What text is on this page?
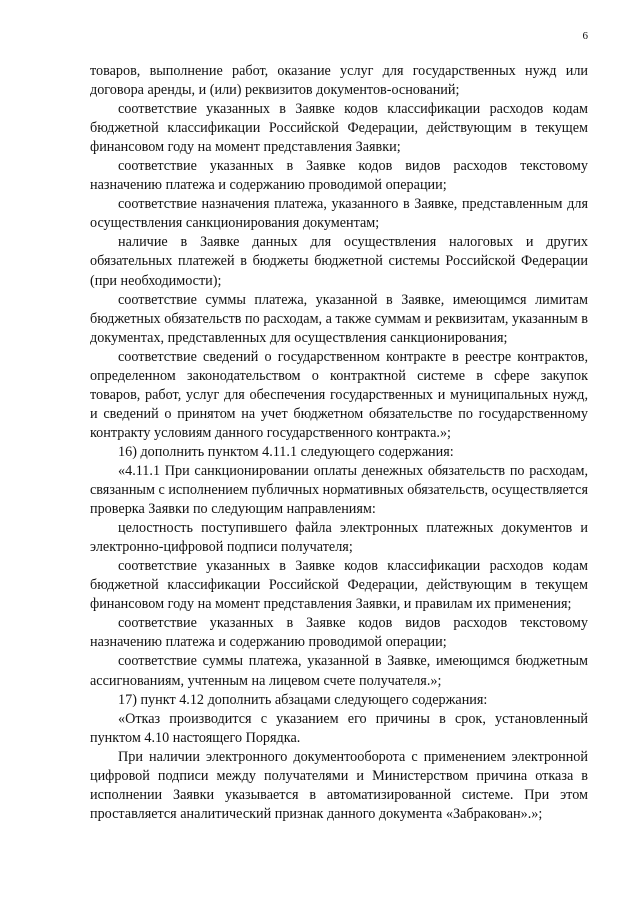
6

товаров, выполнение работ, оказание услуг для государственных нужд или договора аренды, и (или) реквизитов документов-оснований;

соответствие указанных в Заявке кодов классификации расходов кодам бюджетной классификации Российской Федерации, действующим в текущем финансовом году на момент представления Заявки;

соответствие указанных в Заявке кодов видов расходов текстовому назначению платежа и содержанию проводимой операции;

соответствие назначения платежа, указанного в Заявке, представленным для осуществления санкционирования документам;

наличие в Заявке данных для осуществления налоговых и других обязательных платежей в бюджеты бюджетной системы Российской Федерации (при необходимости);

соответствие суммы платежа, указанной в Заявке, имеющимся лимитам бюджетных обязательств по расходам, а также суммам и реквизитам, указанным в документах, представленных для осуществления санкционирования;

соответствие сведений о государственном контракте в реестре контрактов, определенном законодательством о контрактной системе в сфере закупок товаров, работ, услуг для обеспечения государственных и муниципальных нужд, и сведений о принятом на учет бюджетном обязательстве по государственному контракту условиям данного государственного контракта.»;

16) дополнить пунктом 4.11.1 следующего содержания:

«4.11.1 При санкционировании оплаты денежных обязательств по расходам, связанным с исполнением публичных нормативных обязательств, осуществляется проверка Заявки по следующим направлениям:

целостность поступившего файла электронных платежных документов и электронно-цифровой подписи получателя;

соответствие указанных в Заявке кодов классификации расходов кодам бюджетной классификации Российской Федерации, действующим в текущем финансовом году на момент представления Заявки, и правилам их применения;

соответствие указанных в Заявке кодов видов расходов текстовому назначению платежа и содержанию проводимой операции;

соответствие суммы платежа, указанной в Заявке, имеющимся бюджетным ассигнованиям, учтенным на лицевом счете получателя.»;

17) пункт 4.12 дополнить абзацами следующего содержания:

«Отказ производится с указанием его причины в срок, установленный пунктом 4.10 настоящего Порядка.

При наличии электронного документооборота с применением электронной цифровой подписи между получателями и Министерством причина отказа в исполнении Заявки указывается в автоматизированной системе. При этом проставляется аналитический признак данного документа «Забракован».»;
